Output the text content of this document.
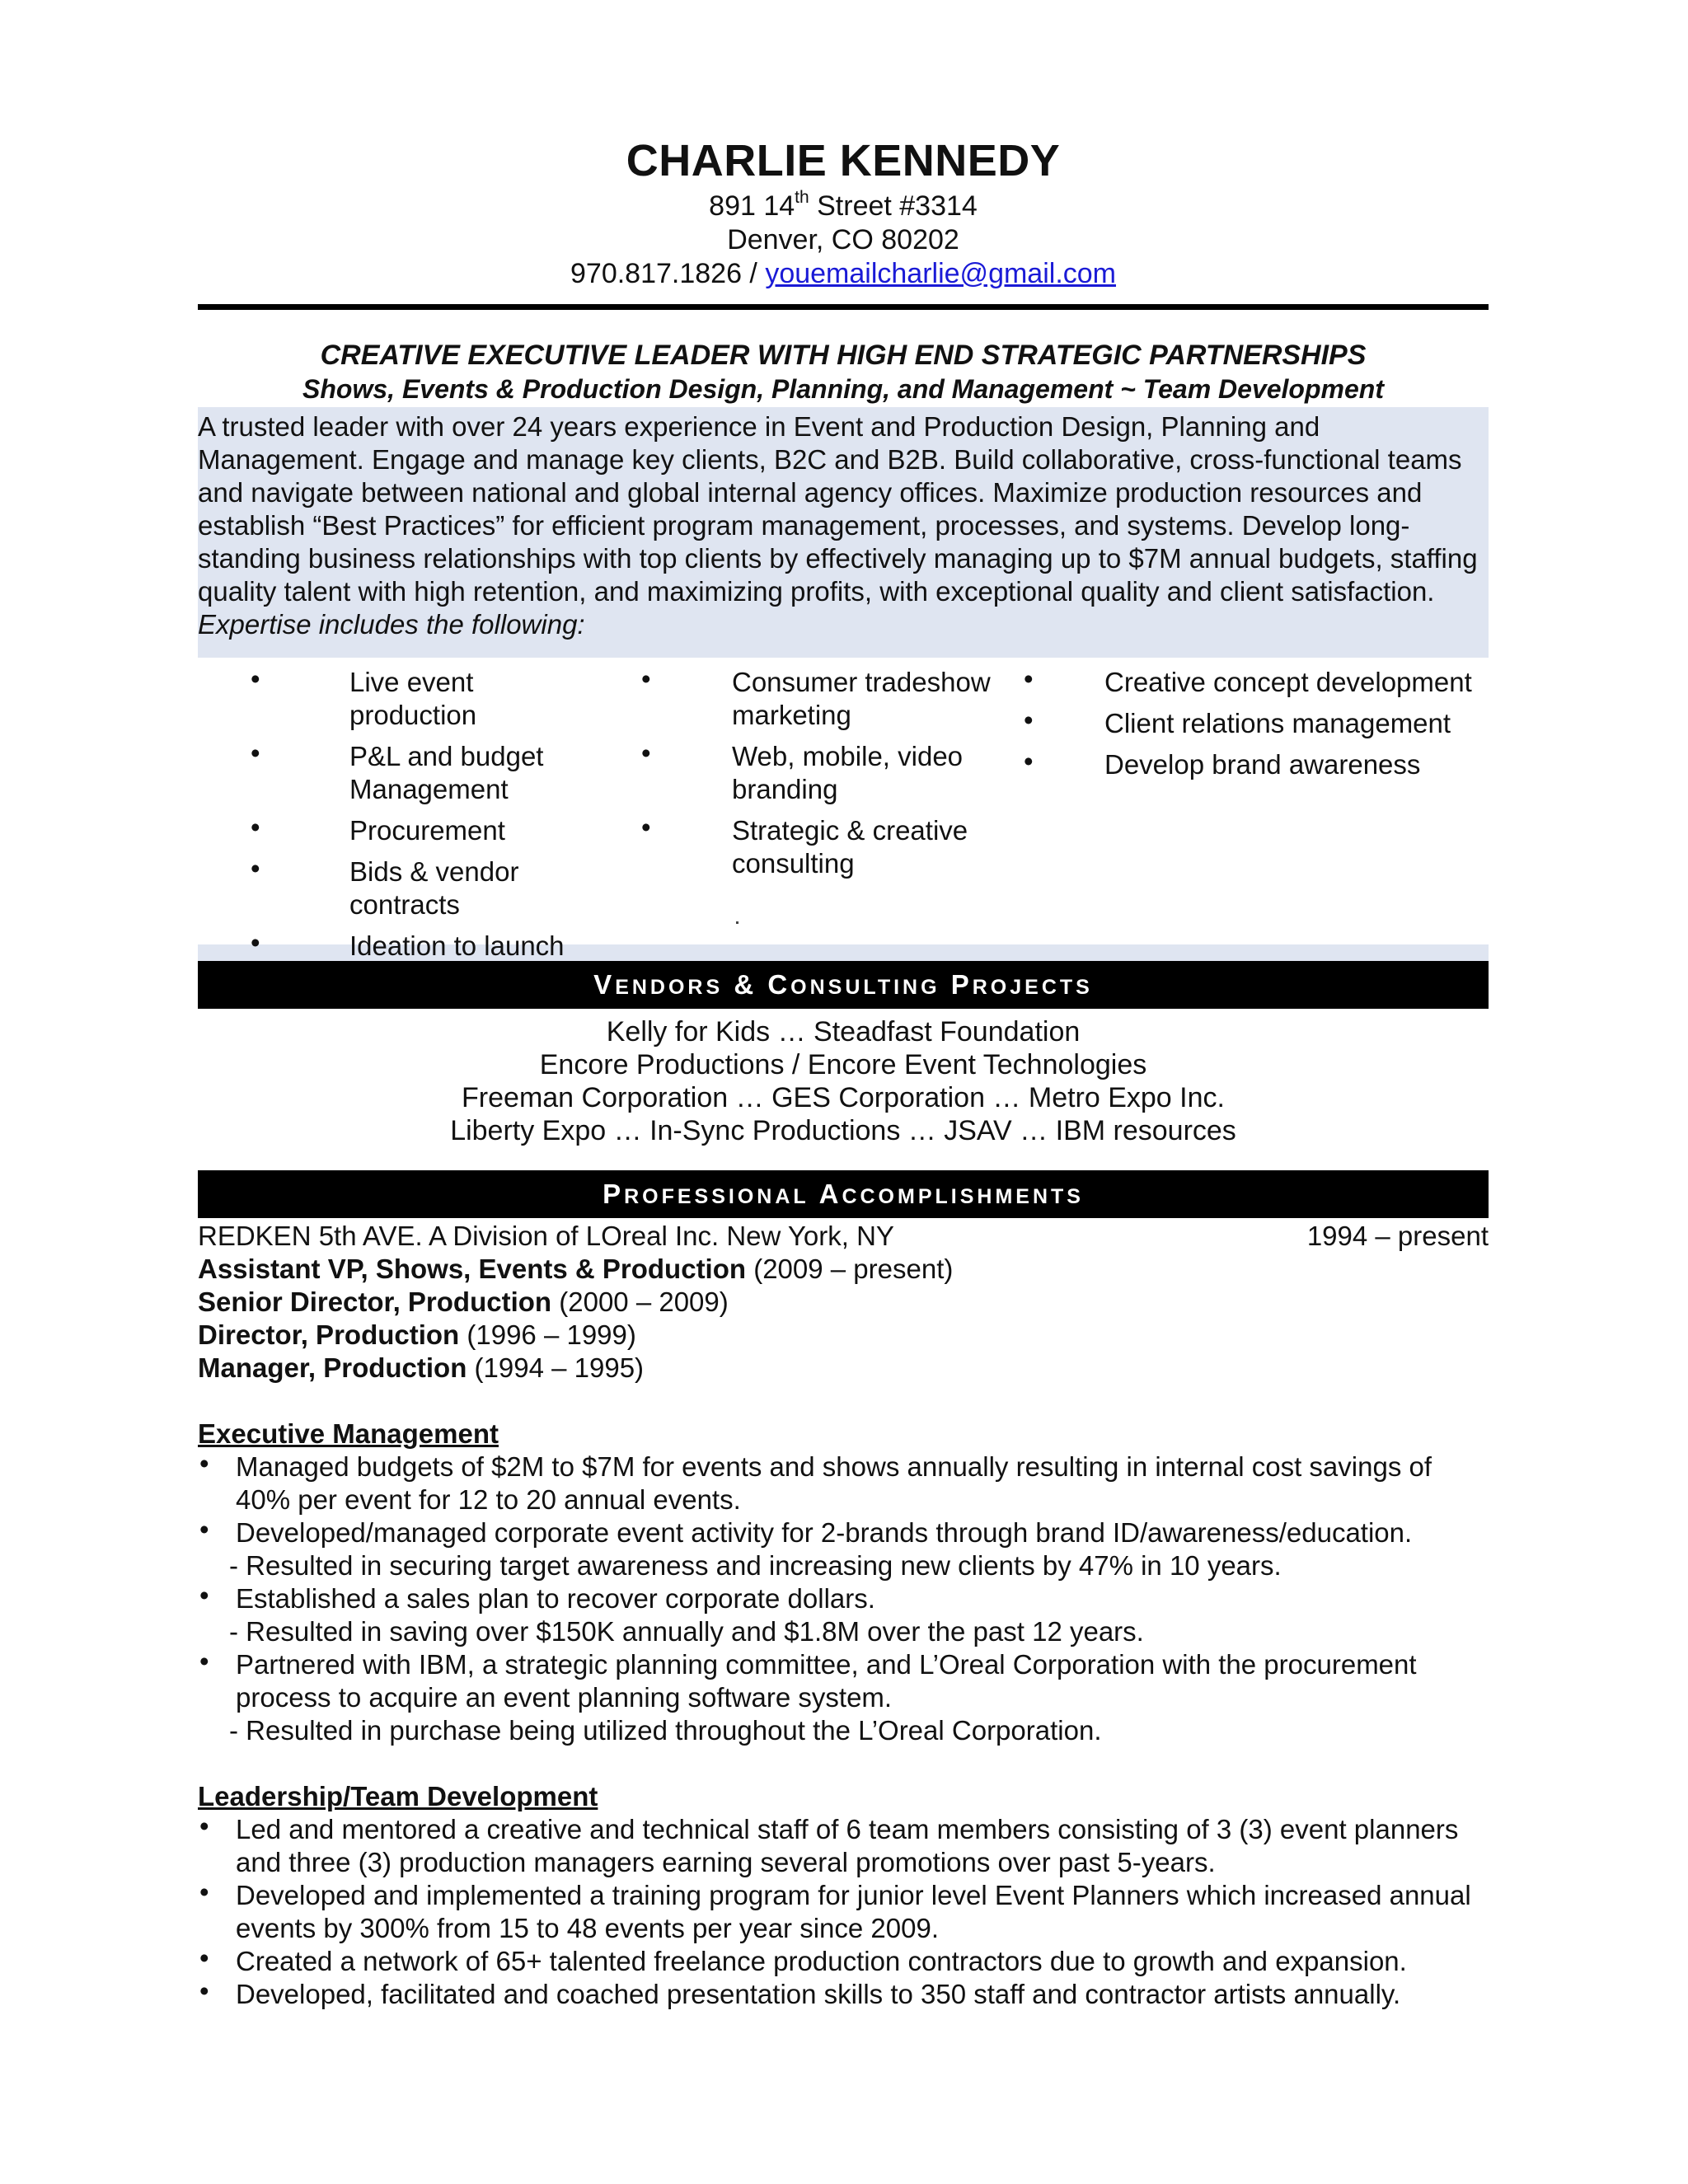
CHARLIE KENNEDY
891 14th Street #3314
Denver, CO 80202
970.817.1826 / youemailcharlie@gmail.com
CREATIVE EXECUTIVE LEADER WITH HIGH END STRATEGIC PARTNERSHIPS
Shows, Events & Production Design, Planning, and Management ~ Team Development
A trusted leader with over 24 years experience in Event and Production Design, Planning and Management. Engage and manage key clients, B2C and B2B. Build collaborative, cross-functional teams and navigate between national and global internal agency offices. Maximize production resources and establish “Best Practices” for efficient program management, processes, and systems. Develop long-standing business relationships with top clients by effectively managing up to $7M annual budgets, staffing quality talent with high retention, and maximizing profits, with exceptional quality and client satisfaction. Expertise includes the following:
•	Live event production
•	P&L and budget Management
•	Procurement
•	Bids & vendor contracts
•	Ideation to launch
•	Consumer tradeshow marketing
•	Web, mobile, video branding
•	Strategic & creative consulting
•	Creative concept development
•	Client relations management
•	Develop brand awareness
VENDORS & CONSULTING PROJECTS
Kelly for Kids … Steadfast Foundation
Encore Productions / Encore Event Technologies
Freeman Corporation … GES Corporation … Metro Expo Inc.
Liberty Expo … In-Sync Productions … JSAV … IBM resources
PROFESSIONAL ACCOMPLISHMENTS
REDKEN 5th AVE. A Division of LOreal Inc. New York, NY	1994 – present
Assistant VP, Shows, Events & Production (2009 – present)
Senior Director, Production (2000 – 2009)
Director, Production (1996 – 1999)
Manager, Production (1994 – 1995)
Executive Management
• Managed budgets of $2M to $7M for events and shows annually resulting in internal cost savings of 40% per event for 12 to 20 annual events.
• Developed/managed corporate event activity for 2-brands through brand ID/awareness/education.
- Resulted in securing target awareness and increasing new clients by 47% in 10 years.
• Established a sales plan to recover corporate dollars.
- Resulted in saving over $150K annually and $1.8M over the past 12 years.
• Partnered with IBM, a strategic planning committee, and L’Oreal Corporation with the procurement process to acquire an event planning software system.
- Resulted in purchase being utilized throughout the L’Oreal Corporation.
Leadership/Team Development
• Led and mentored a creative and technical staff of 6 team members consisting of 3 (3) event planners and three (3) production managers earning several promotions over past 5-years.
• Developed and implemented a training program for junior level Event Planners which increased annual events by 300% from 15 to 48 events per year since 2009.
• Created a network of 65+ talented freelance production contractors due to growth and expansion.
• Developed, facilitated and coached presentation skills to 350 staff and contractor artists annually.
